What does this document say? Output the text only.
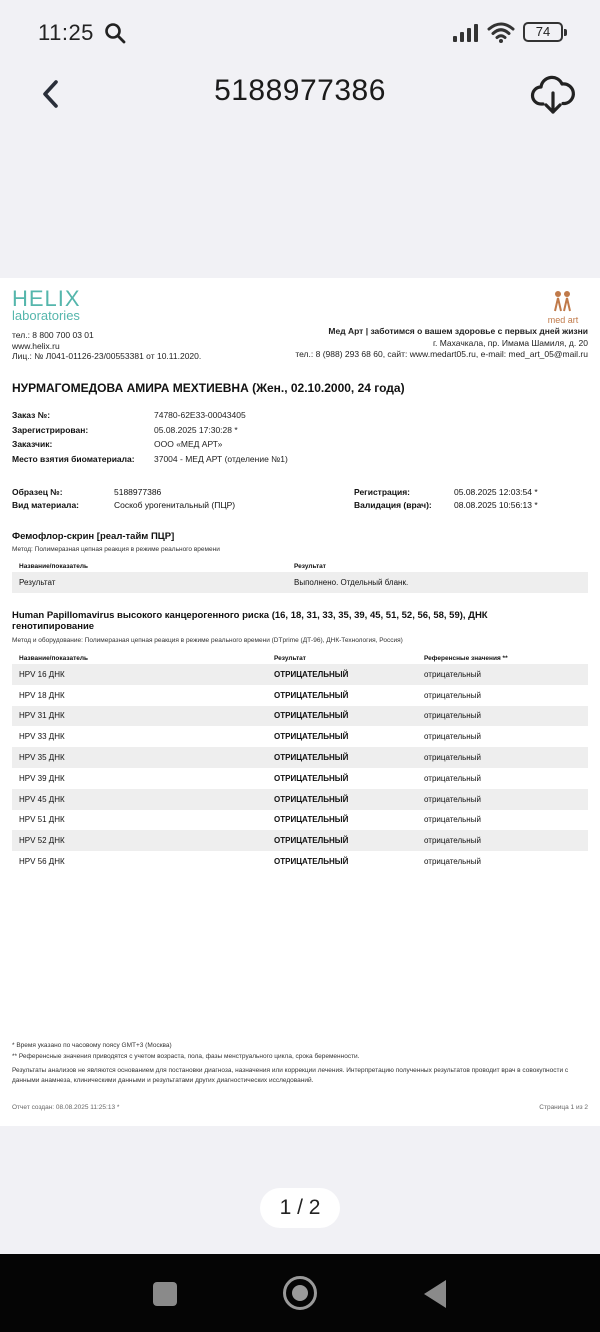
11:25	74
5188977386
HELIX
laboratories
тел.: 8 800 700 03 01
www.helix.ru
Лиц.: № Л041-01126-23/00553381 от 10.11.2020.
med art
Мед Арт | заботимся о вашем здоровье с первых дней жизни
г. Махачкала, пр. Имама Шамиля, д. 20
тел.: 8 (988) 293 68 60, сайт: www.medart05.ru, e-mail: med_art_05@mail.ru
НУРМАГОМЕДОВА АМИРА МЕХТИЕВНА (Жен., 02.10.2000, 24 года)
Заказ №:	74780-62E33-00043405
Зарегистрирован:	05.08.2025 17:30:28 *
Заказчик:	ООО «МЕД АРТ»
Место взятия биоматериала:	37004 - МЕД АРТ (отделение №1)
Образец №:	5188977386	Регистрация:	05.08.2025 12:03:54 *
Вид материала:	Соскоб урогенитальный (ПЦР)	Валидация (врач):	08.08.2025 10:56:13 *
Фемофлор-скрин [реал-тайм ПЦР]
Метод: Полимеразная цепная реакция в режиме реального времени
Название/показатель	Результат
Результат	Выполнено. Отдельный бланк.
Human Papillomavirus высокого канцерогенного риска (16, 18, 31, 33, 35, 39, 45, 51, 52, 56, 58, 59), ДНК генотипирование
Метод и оборудование: Полимеразная цепная реакция в режиме реального времени (DTprime (ДТ-96), ДНК-Технология, Россия)
Название/показатель	Результат	Референсные значения **
HPV 16 ДНК	ОТРИЦАТЕЛЬНЫЙ	отрицательный
HPV 18 ДНК	ОТРИЦАТЕЛЬНЫЙ	отрицательный
HPV 31 ДНК	ОТРИЦАТЕЛЬНЫЙ	отрицательный
HPV 33 ДНК	ОТРИЦАТЕЛЬНЫЙ	отрицательный
HPV 35 ДНК	ОТРИЦАТЕЛЬНЫЙ	отрицательный
HPV 39 ДНК	ОТРИЦАТЕЛЬНЫЙ	отрицательный
HPV 45 ДНК	ОТРИЦАТЕЛЬНЫЙ	отрицательный
HPV 51 ДНК	ОТРИЦАТЕЛЬНЫЙ	отрицательный
HPV 52 ДНК	ОТРИЦАТЕЛЬНЫЙ	отрицательный
HPV 56 ДНК	ОТРИЦАТЕЛЬНЫЙ	отрицательный
* Время указано по часовому поясу GMT+3 (Москва)
** Референсные значения приводятся с учетом возраста, пола, фазы менструального цикла, срока беременности.
Результаты анализов не являются основанием для постановки диагноза, назначения или коррекции лечения. Интерпретацию полученных результатов проводит врач в совокупности с данными анамнеза, клиническими данными и результатами других диагностических исследований.
Отчет создан: 08.08.2025 11:25:13 *	Страница 1 из 2
1 / 2
